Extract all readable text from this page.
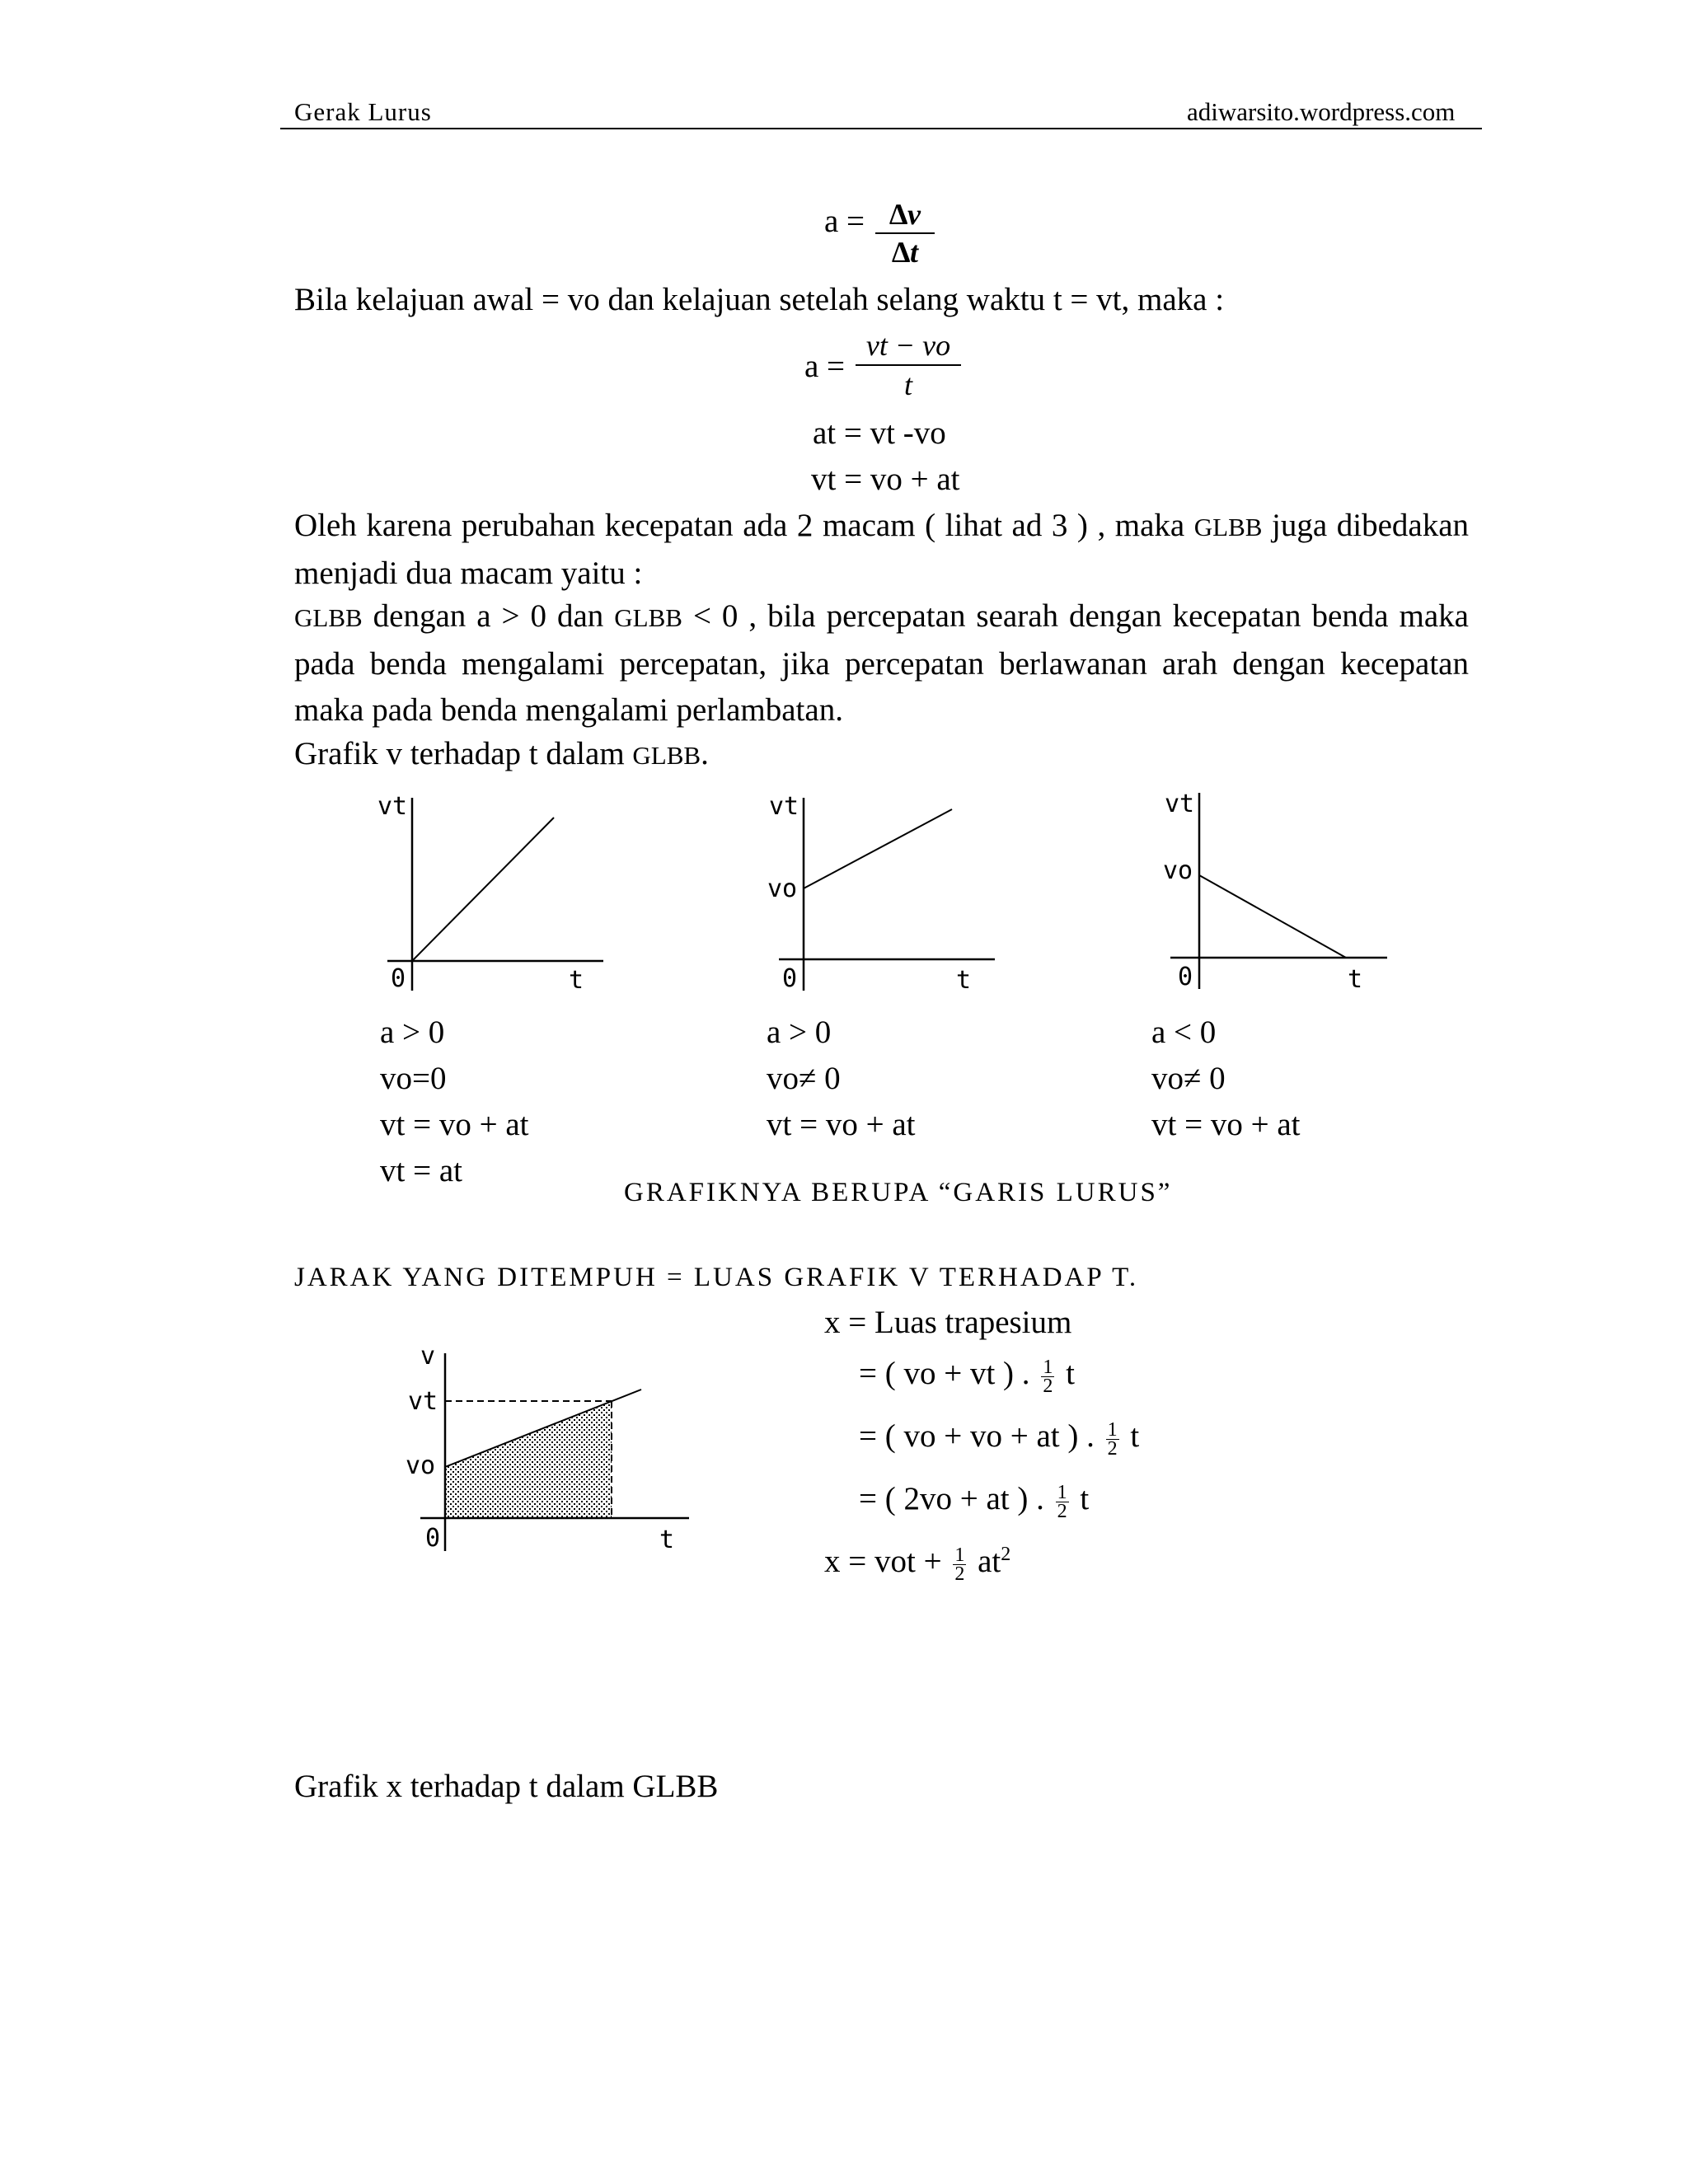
Gerak Lurus	adiwarsito.wordpress.com
a = ∆v
∆t
Bila kelajuan awal = vo dan kelajuan setelah selang waktu t = vt, maka :
a =
vt − vo
t
at = vt -vo
vt = vo + at
Oleh karena perubahan kecepatan ada 2 macam ( lihat ad 3 ) , maka GLBB juga dibedakan menjadi dua macam yaitu :
GLBB dengan a > 0 dan GLBB < 0 , bila percepatan searah dengan kecepatan benda maka pada benda mengalami percepatan, jika percepatan berlawanan arah dengan kecepatan maka pada benda mengalami perlambatan.
Grafik v terhadap t dalam GLBB.
vt
0	t
vt
vo
0	t
vt
vo
0	t
a > 0
vo=0
vt = vo + at
vt = at
a > 0
vo≠ 0
vt = vo + at
a < 0
vo≠ 0
vt = vo + at
GRAFIKNYA BERUPA “GARIS LURUS”
JARAK YANG DITEMPUH = LUAS GRAFIK V TERHADAP T.
v
vt
vo
0	t
x = Luas trapesium
= ( vo + vt ) . $\frac{1}{2}$ t
= ( vo + vo + at ) . $\frac{1}{2}$ t
= ( 2vo + at ) . $\frac{1}{2}$ t
x = vot + $\frac{1}{2} at^2$
Grafik x terhadap t dalam GLBB
